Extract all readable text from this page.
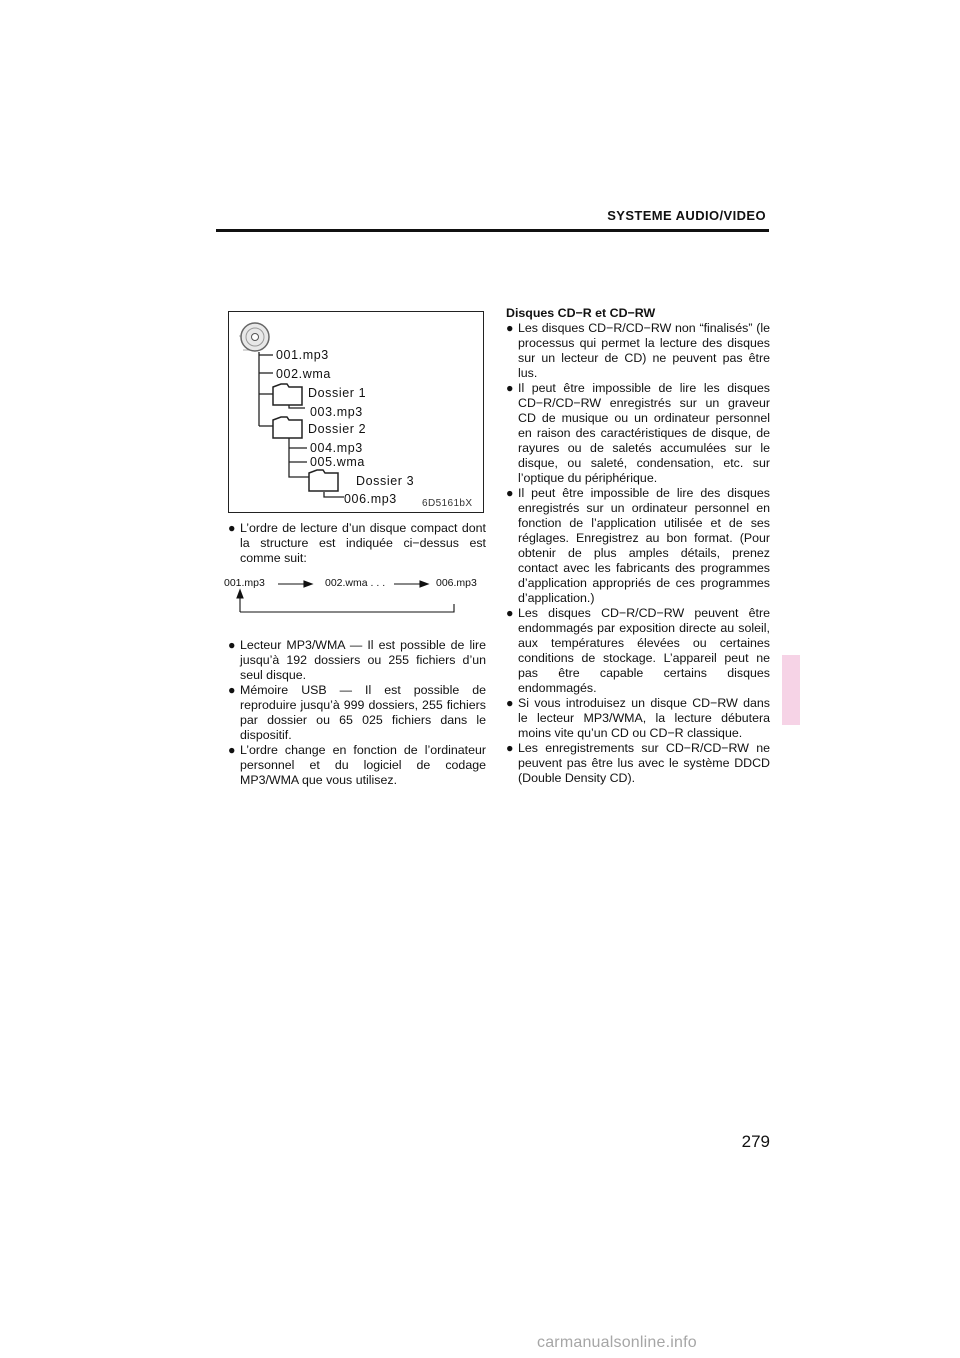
SYSTEME AUDIO/VIDEO
001.mp3
002.wma
Dossier 1
003.mp3
Dossier 2
004.mp3
005.wma
Dossier 3
006.mp3	6D5161bX

● L’ordre de lecture d’un disque compact dont la structure est indiquée ci−dessus est comme suit:

001.mp3	002.wma . . .	006.mp3

● Lecteur MP3/WMA — Il est possible de lire jusqu’à 192 dossiers ou 255 fichiers d’un seul disque.

● Mémoire USB — Il est possible de reproduire jusqu’à 999 dossiers, 255 fichiers par dossier ou 65 025 fichiers dans le dispositif.

● L’ordre change en fonction de l’ordinateur personnel et du logiciel de codage MP3/WMA que vous utilisez.

Disques CD−R et CD−RW

● Les disques CD−R/CD−RW non “finalisés” (le processus qui permet la lecture des disques sur un lecteur de CD) ne peuvent pas être lus.

● Il peut être impossible de lire les disques CD−R/CD−RW enregistrés sur un graveur CD de musique ou un ordinateur personnel en raison des caractéristiques de disque, de rayures ou de saletés accumulées sur le disque, ou saleté, condensation, etc. sur l’optique du périphérique.

● Il peut être impossible de lire des disques enregistrés sur un ordinateur personnel en fonction de l’application utilisée et de ses réglages. Enregistrez au bon format. (Pour obtenir de plus amples détails, prenez contact avec les fabricants des programmes d’application appropriés de ces programmes d’application.)

● Les disques CD−R/CD−RW peuvent être endommagés par exposition directe au soleil, aux températures élevées ou certaines conditions de stockage. L’appareil peut ne pas être capable certains disques endommagés.

● Si vous introduisez un disque CD−RW dans le lecteur MP3/WMA, la lecture débutera moins vite qu’un CD ou CD−R classique.

● Les enregistrements sur CD−R/CD−RW ne peuvent pas être lus avec le système DDCD (Double Density CD).

279
carmanualsonline.info
